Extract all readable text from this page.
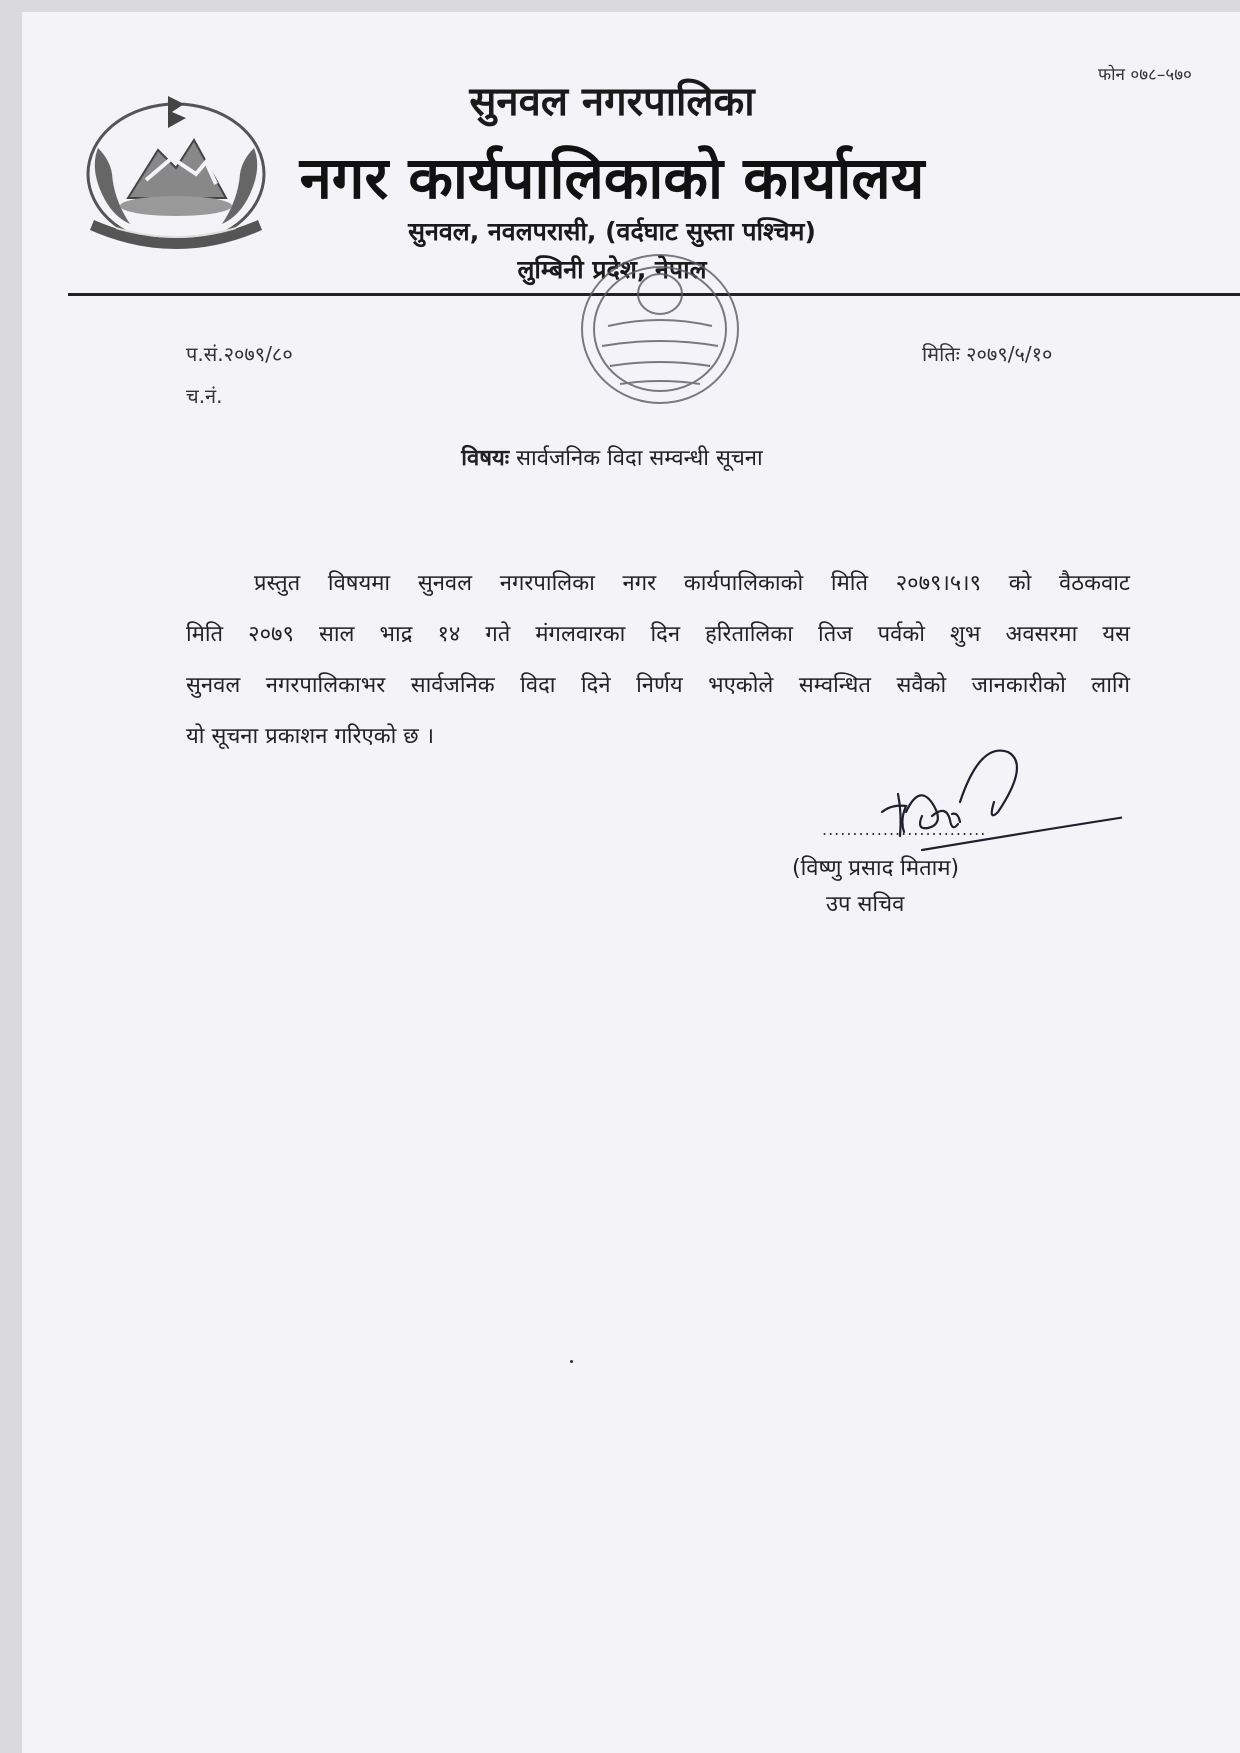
फोन ०७८–५७०
सुनवल नगरपालिका
नगर कार्यपालिकाको कार्यालय
सुनवल, नवलपरासी, (वर्दघाट सुस्ता पश्चिम)
लुम्बिनी प्रदेश, नेपाल
प.सं.२०७९/८०
च.नं.
मितिः २०७९/५/१०
विषयः सार्वजनिक विदा सम्वन्धी सूचना
प्रस्तुत विषयमा सुनवल नगरपालिका नगर कार्यपालिकाको मिति २०७९।५।९ को वैठकवाट
मिति २०७९ साल भाद्र १४ गते मंगलवारका दिन हरितालिका तिज पर्वको शुभ अवसरमा यस
सुनवल नगरपालिकाभर सार्वजनिक विदा दिने निर्णय भएकोले सम्वन्धित सवैको जानकारीको लागि
यो सूचना प्रकाशन गरिएको छ ।
...........................
(विष्णु प्रसाद मिताम)
उप सचिव
